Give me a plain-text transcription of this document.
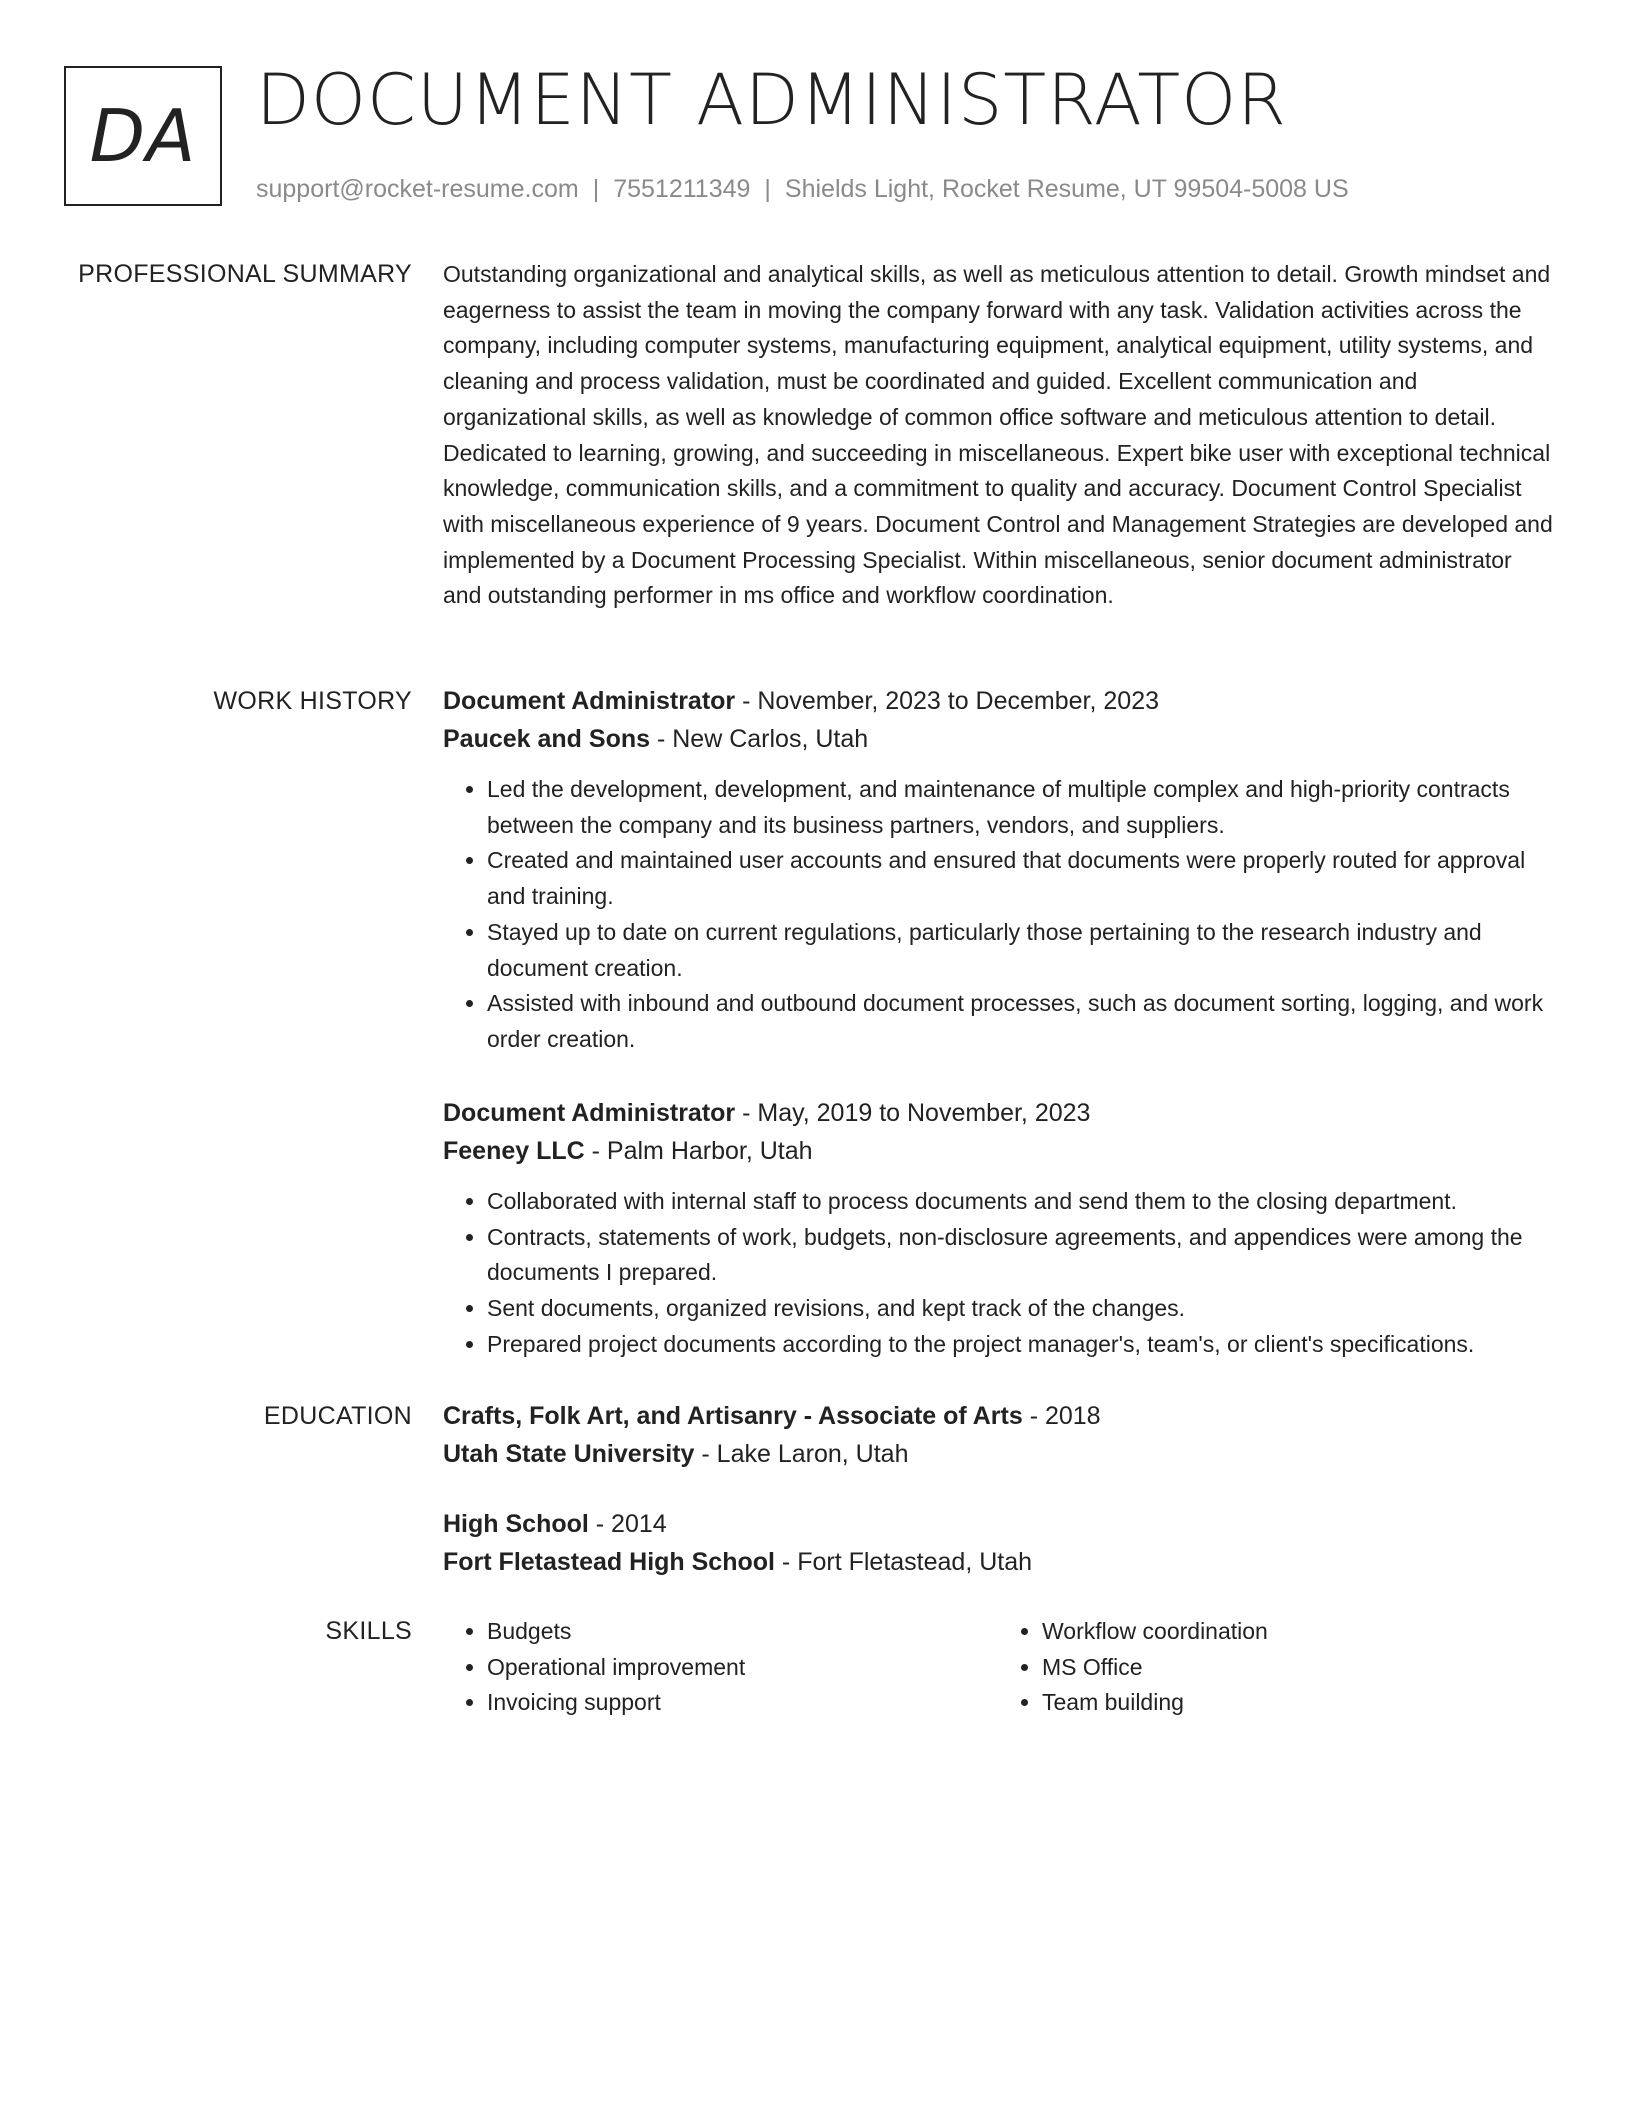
DA DOCUMENT ADMINISTRATOR
support@rocket-resume.com | 7551211349 | Shields Light, Rocket Resume, UT 99504-5008 US
PROFESSIONAL SUMMARY Outstanding organizational and analytical skills, as well as meticulous attention to detail. Growth mindset and eagerness to assist the team in moving the company forward with any task. Validation activities across the company, including computer systems, manufacturing equipment, analytical equipment, utility systems, and cleaning and process validation, must be coordinated and guided. Excellent communication and organizational skills, as well as knowledge of common office software and meticulous attention to detail. Dedicated to learning, growing, and succeeding in miscellaneous. Expert bike user with exceptional technical knowledge, communication skills, and a commitment to quality and accuracy. Document Control Specialist with miscellaneous experience of 9 years. Document Control and Management Strategies are developed and implemented by a Document Processing Specialist. Within miscellaneous, senior document administrator and outstanding performer in ms office and workflow coordination.

WORK HISTORY Document Administrator - November, 2023 to December, 2023
Paucek and Sons - New Carlos, Utah
• Led the development, development, and maintenance of multiple complex and high-priority contracts between the company and its business partners, vendors, and suppliers.
• Created and maintained user accounts and ensured that documents were properly routed for approval and training.
• Stayed up to date on current regulations, particularly those pertaining to the research industry and document creation.
• Assisted with inbound and outbound document processes, such as document sorting, logging, and work order creation.
Document Administrator - May, 2019 to November, 2023
Feeney LLC - Palm Harbor, Utah
• Collaborated with internal staff to process documents and send them to the closing department.
• Contracts, statements of work, budgets, non-disclosure agreements, and appendices were among the documents I prepared.
• Sent documents, organized revisions, and kept track of the changes.
• Prepared project documents according to the project manager's, team's, or client's specifications.
EDUCATION Crafts, Folk Art, and Artisanry - Associate of Arts - 2018
Utah State University - Lake Laron, Utah
High School - 2014
Fort Fletastead High School - Fort Fletastead, Utah
SKILLS
•	Budgets
• Operational improvement
• Invoicing support
• Workflow coordination
• MS Office
• Team building
